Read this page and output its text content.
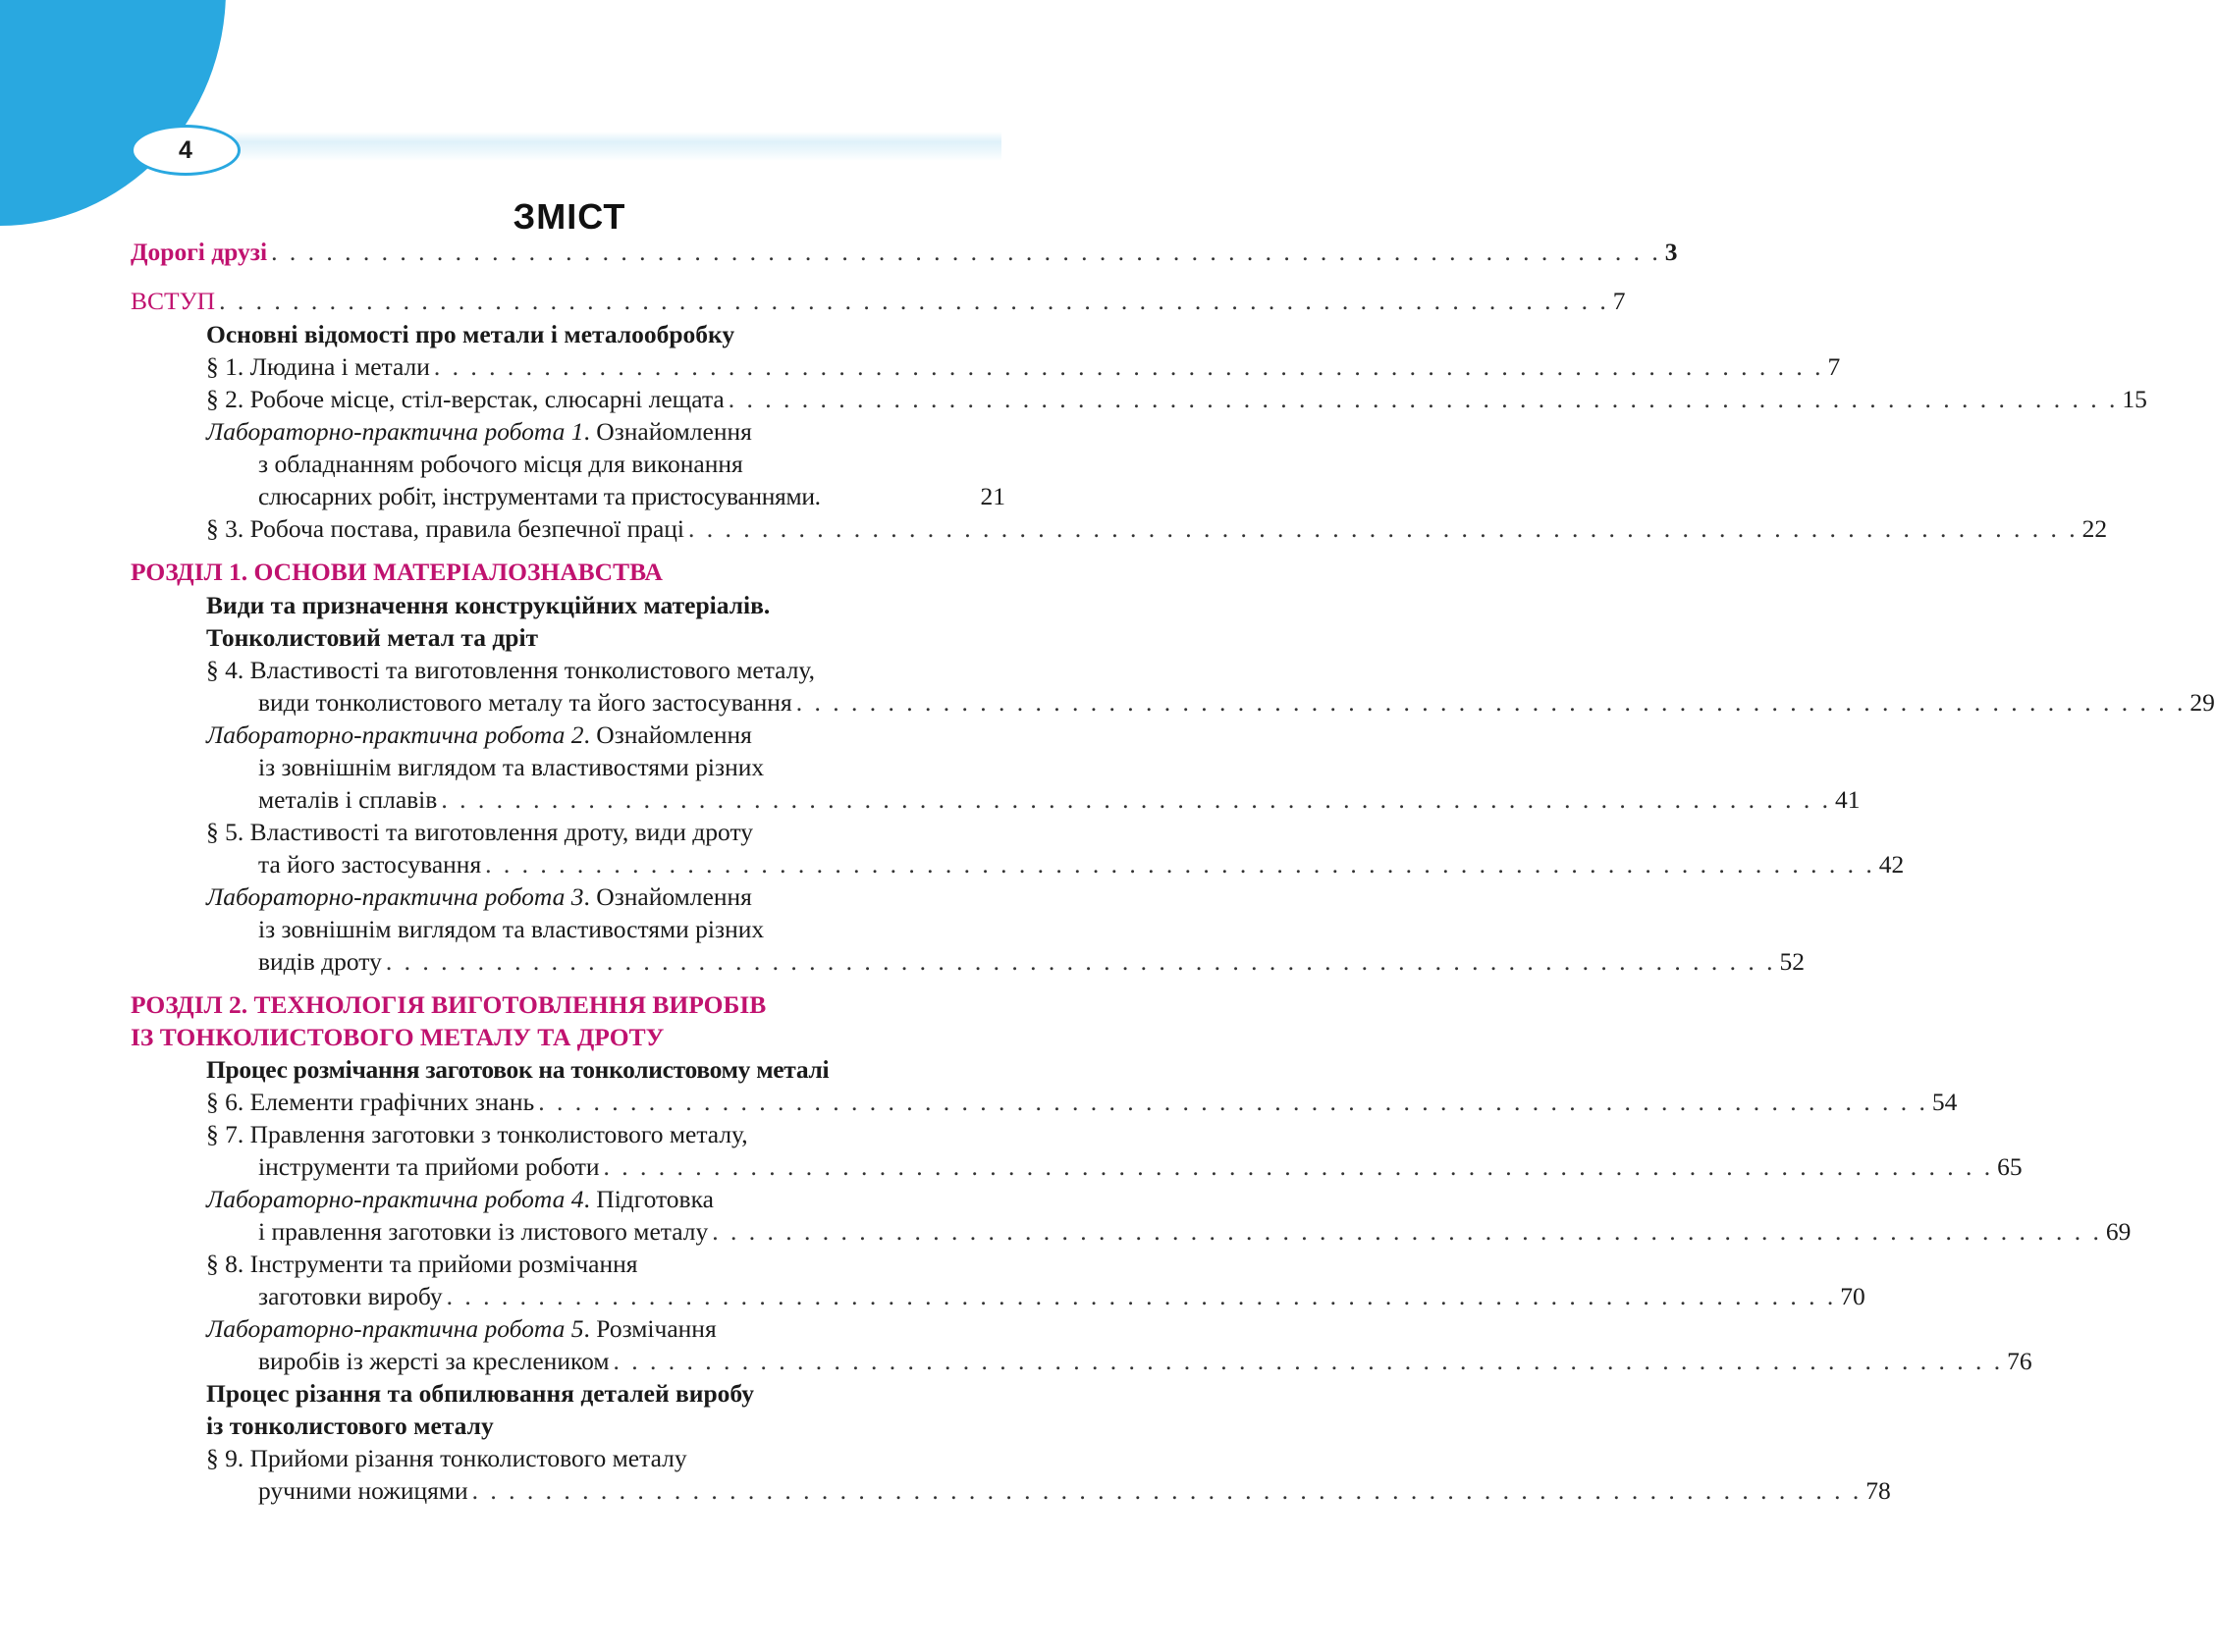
4
ЗМІСТ
Дорогі друзі . . . . . . . . . . . . . . . . . . . . . . . . . . . . . . . . . . . . . . . . . . . . . . . . . . . . . . . . . . . . . . . . . . . . . . . . . . . . 3
ВСТУП . . . . . . . . . . . . . . . . . . . . . . . . . . . . . . . . . . . . . . . . . . . . . . . . . . . . . . . . . . . . . . . . . . . . . . . . . . . . 7
Основні відомості про метали і металообробку
§ 1. Людина і метали . . . . . . . . . . . . . . . . . . . . . . . . . . . . . . . . . . . . . . . . . . . . . . . . . . . . . . . . . . . . . . . . . . . . . . . . . . . . 7
§ 2. Робоче місце, стіл-верстак, слюсарні лещата . . . . . . . . . . . . . . . . . . . . . . . . . . . . . . . . . . . . . . . . . . . . . . . . . . . . . . . . . . . . . . . . . . . . . . . . . . . . 15
Лабораторно-практична робота 1 . Ознайомлення
з обладнанням робочого місця для виконання
слюсарних робіт, інструментами та пристосуваннями.	21
§ 3. Робоча постава, правила безпечної праці . . . . . . . . . . . . . . . . . . . . . . . . . . . . . . . . . . . . . . . . . . . . . . . . . . . . . . . . . . . . . . . . . . . . . . . . . . . . 22
РОЗДІЛ 1. ОСНОВИ МАТЕРІАЛОЗНАВСТВА
Види та призначення конструкційних матеріалів.
Тонколистовий метал та дріт
§ 4. Властивості та виготовлення тонколистового металу,
види тонколистового металу та його застосування . . . . . . . . . . . . . . . . . . . . . . . . . . . . . . . . . . . . . . . . . . . . . . . . . . . . . . . . . . . . . . . . . . . . . . . . . . . . 29
Лабораторно-практична робота 2 . Ознайомлення
із зовнішнім виглядом та властивостями різних
металів і сплавів . . . . . . . . . . . . . . . . . . . . . . . . . . . . . . . . . . . . . . . . . . . . . . . . . . . . . . . . . . . . . . . . . . . . . . . . . . . . 41
§ 5. Властивості та виготовлення дроту, види дроту
та його застосування . . . . . . . . . . . . . . . . . . . . . . . . . . . . . . . . . . . . . . . . . . . . . . . . . . . . . . . . . . . . . . . . . . . . . . . . . . . . 42
Лабораторно-практична робота 3 . Ознайомлення
із зовнішнім виглядом та властивостями різних
видів дроту . . . . . . . . . . . . . . . . . . . . . . . . . . . . . . . . . . . . . . . . . . . . . . . . . . . . . . . . . . . . . . . . . . . . . . . . . . . . 52
РОЗДІЛ 2. ТЕХНОЛОГІЯ ВИГОТОВЛЕННЯ ВИРОБІВ
ІЗ ТОНКОЛИСТОВОГО МЕТАЛУ ТА ДРОТУ
Процес розмічання заготовок на тонколистовому металі
§ 6. Елементи графічних знань . . . . . . . . . . . . . . . . . . . . . . . . . . . . . . . . . . . . . . . . . . . . . . . . . . . . . . . . . . . . . . . . . . . . . . . . . . . . 54
§ 7. Правлення заготовки з тонколистового металу,
інструменти та прийоми роботи . . . . . . . . . . . . . . . . . . . . . . . . . . . . . . . . . . . . . . . . . . . . . . . . . . . . . . . . . . . . . . . . . . . . . . . . . . . . 65
Лабораторно-практична робота 4 . Підготовка
і правлення заготовки із листового металу . . . . . . . . . . . . . . . . . . . . . . . . . . . . . . . . . . . . . . . . . . . . . . . . . . . . . . . . . . . . . . . . . . . . . . . . . . . . 69
§ 8. Інструменти та прийоми розмічання
заготовки виробу . . . . . . . . . . . . . . . . . . . . . . . . . . . . . . . . . . . . . . . . . . . . . . . . . . . . . . . . . . . . . . . . . . . . . . . . . . . . 70
Лабораторно-практична робота 5 . Розмічання
виробів із жерсті за креслеником . . . . . . . . . . . . . . . . . . . . . . . . . . . . . . . . . . . . . . . . . . . . . . . . . . . . . . . . . . . . . . . . . . . . . . . . . . . . 76
Процес різання та обпилювання деталей виробу
із тонколистового металу
§ 9. Прийоми різання тонколистового металу
ручними ножицями . . . . . . . . . . . . . . . . . . . . . . . . . . . . . . . . . . . . . . . . . . . . . . . . . . . . . . . . . . . . . . . . . . . . . . . . . . . . 78
